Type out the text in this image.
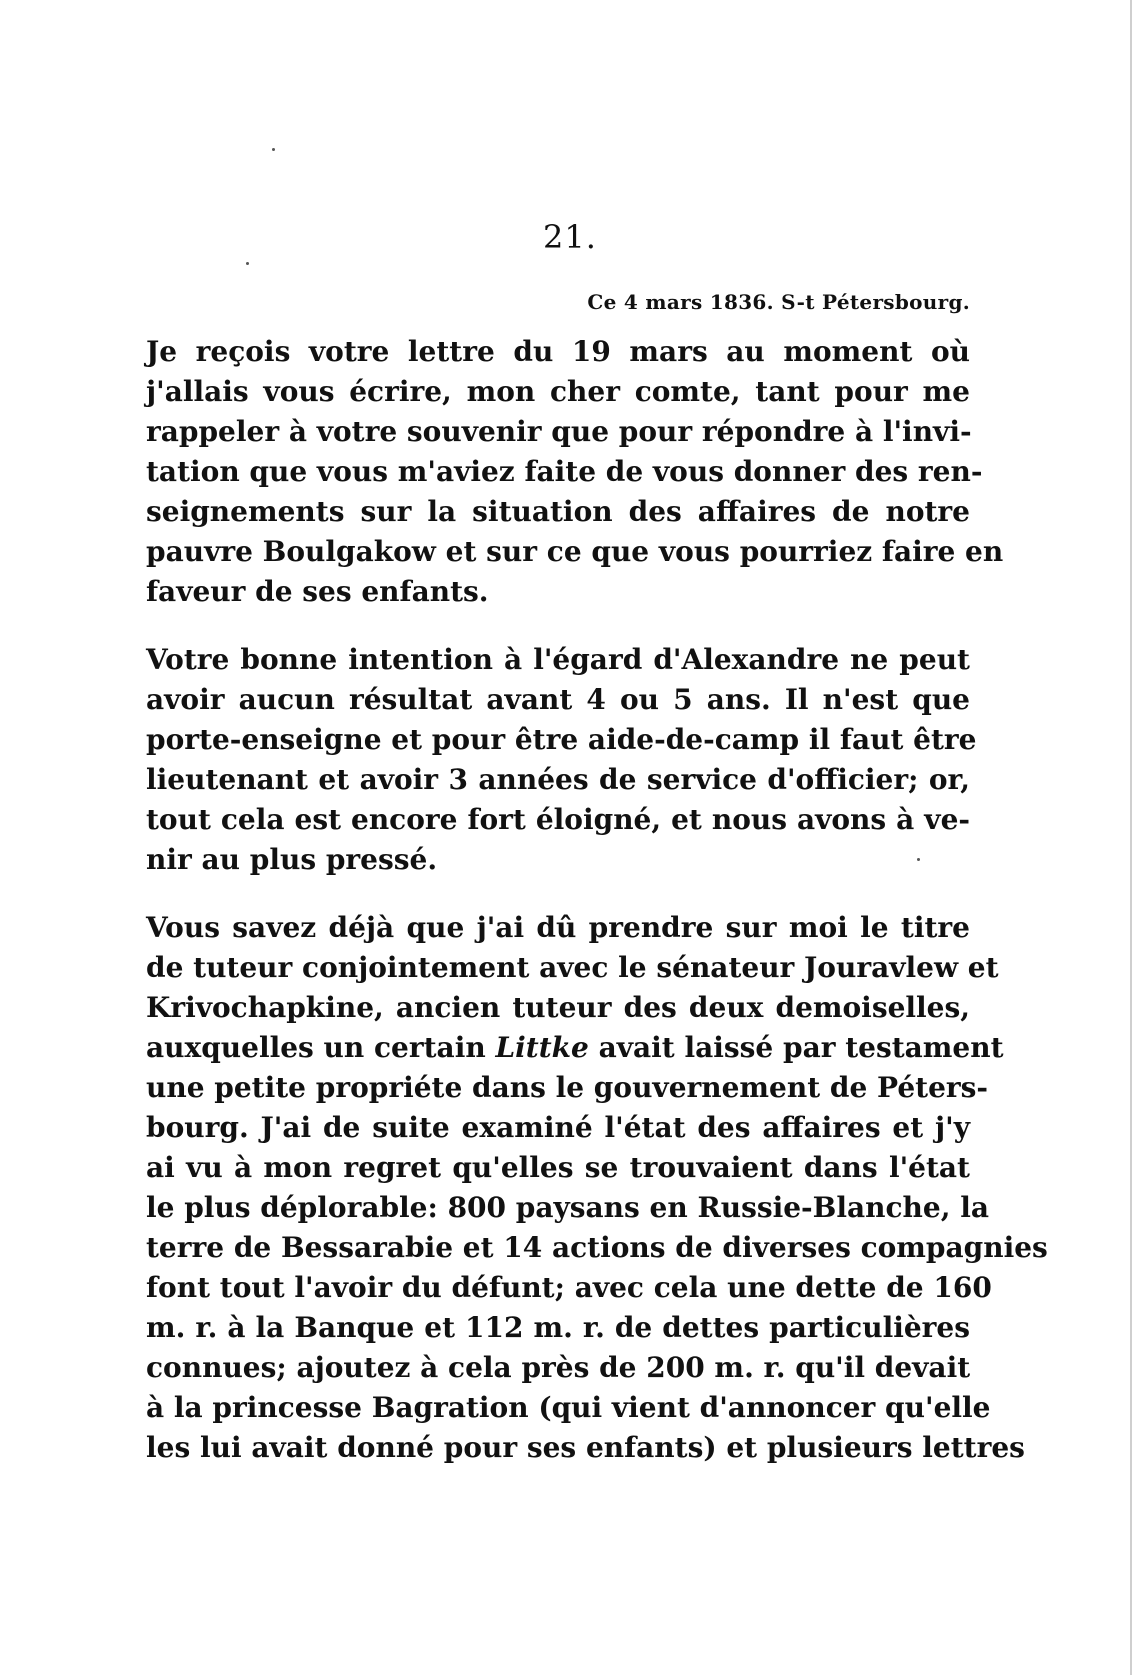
21.
Ce 4 mars 1836. S-t Pétersbourg.

Je reçois votre lettre du 19 mars au moment où
j'allais vous écrire, mon cher comte, tant pour me
rappeler à votre souvenir que pour répondre à l'invi-
tation que vous m'aviez faite de vous donner des ren-
seignements sur la situation des affaires de notre
pauvre Boulgakow et sur ce que vous pourriez faire en
faveur de ses enfants.

Votre bonne intention à l'égard d'Alexandre ne peut
avoir aucun résultat avant 4 ou 5 ans. Il n'est que
porte-enseigne et pour être aide-de-camp il faut être
lieutenant et avoir 3 années de service d'officier; or,
tout cela est encore fort éloigné, et nous avons à ve-
nir au plus pressé.

Vous savez déjà que j'ai dû prendre sur moi le titre
de tuteur conjointement avec le sénateur Jouravlew et
Krivochapkine, ancien tuteur des deux demoiselles,
auxquelles un certain Littke avait laissé par testament
une petite propriéte dans le gouvernement de Péters-
bourg. J'ai de suite examiné l'état des affaires et j'y
ai vu à mon regret qu'elles se trouvaient dans l'état
le plus déplorable: 800 paysans en Russie-Blanche, la
terre de Bessarabie et 14 actions de diverses compagnies
font tout l'avoir du défunt; avec cela une dette de 160
m. r. à la Banque et 112 m. r. de dettes particulières
connues; ajoutez à cela près de 200 m. r. qu'il devait
à la princesse Bagration (qui vient d'annoncer qu'elle
les lui avait donné pour ses enfants) et plusieurs lettres
